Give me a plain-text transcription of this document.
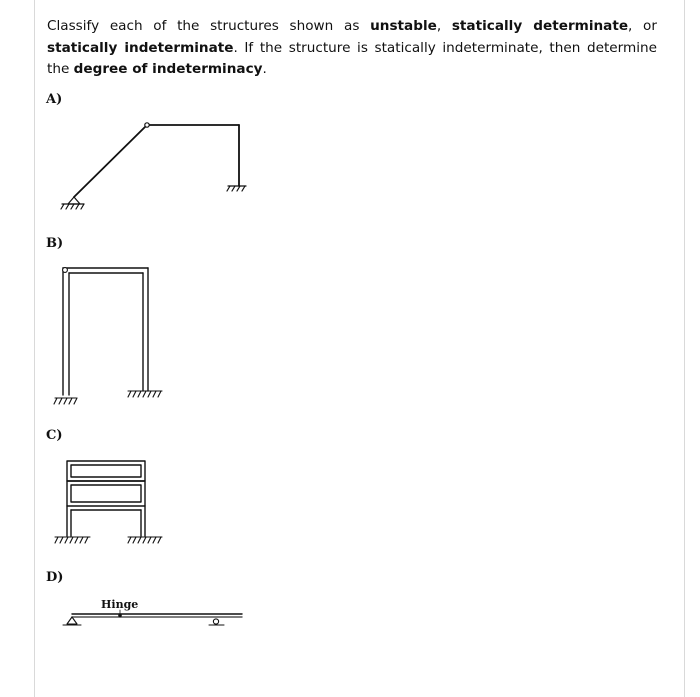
Classify each of the structures shown as unstable, statically determinate, or statically indeterminate. If the structure is statically indeterminate, then determine the degree of indeterminacy.
A)
B)
C)
D)
Hinge
